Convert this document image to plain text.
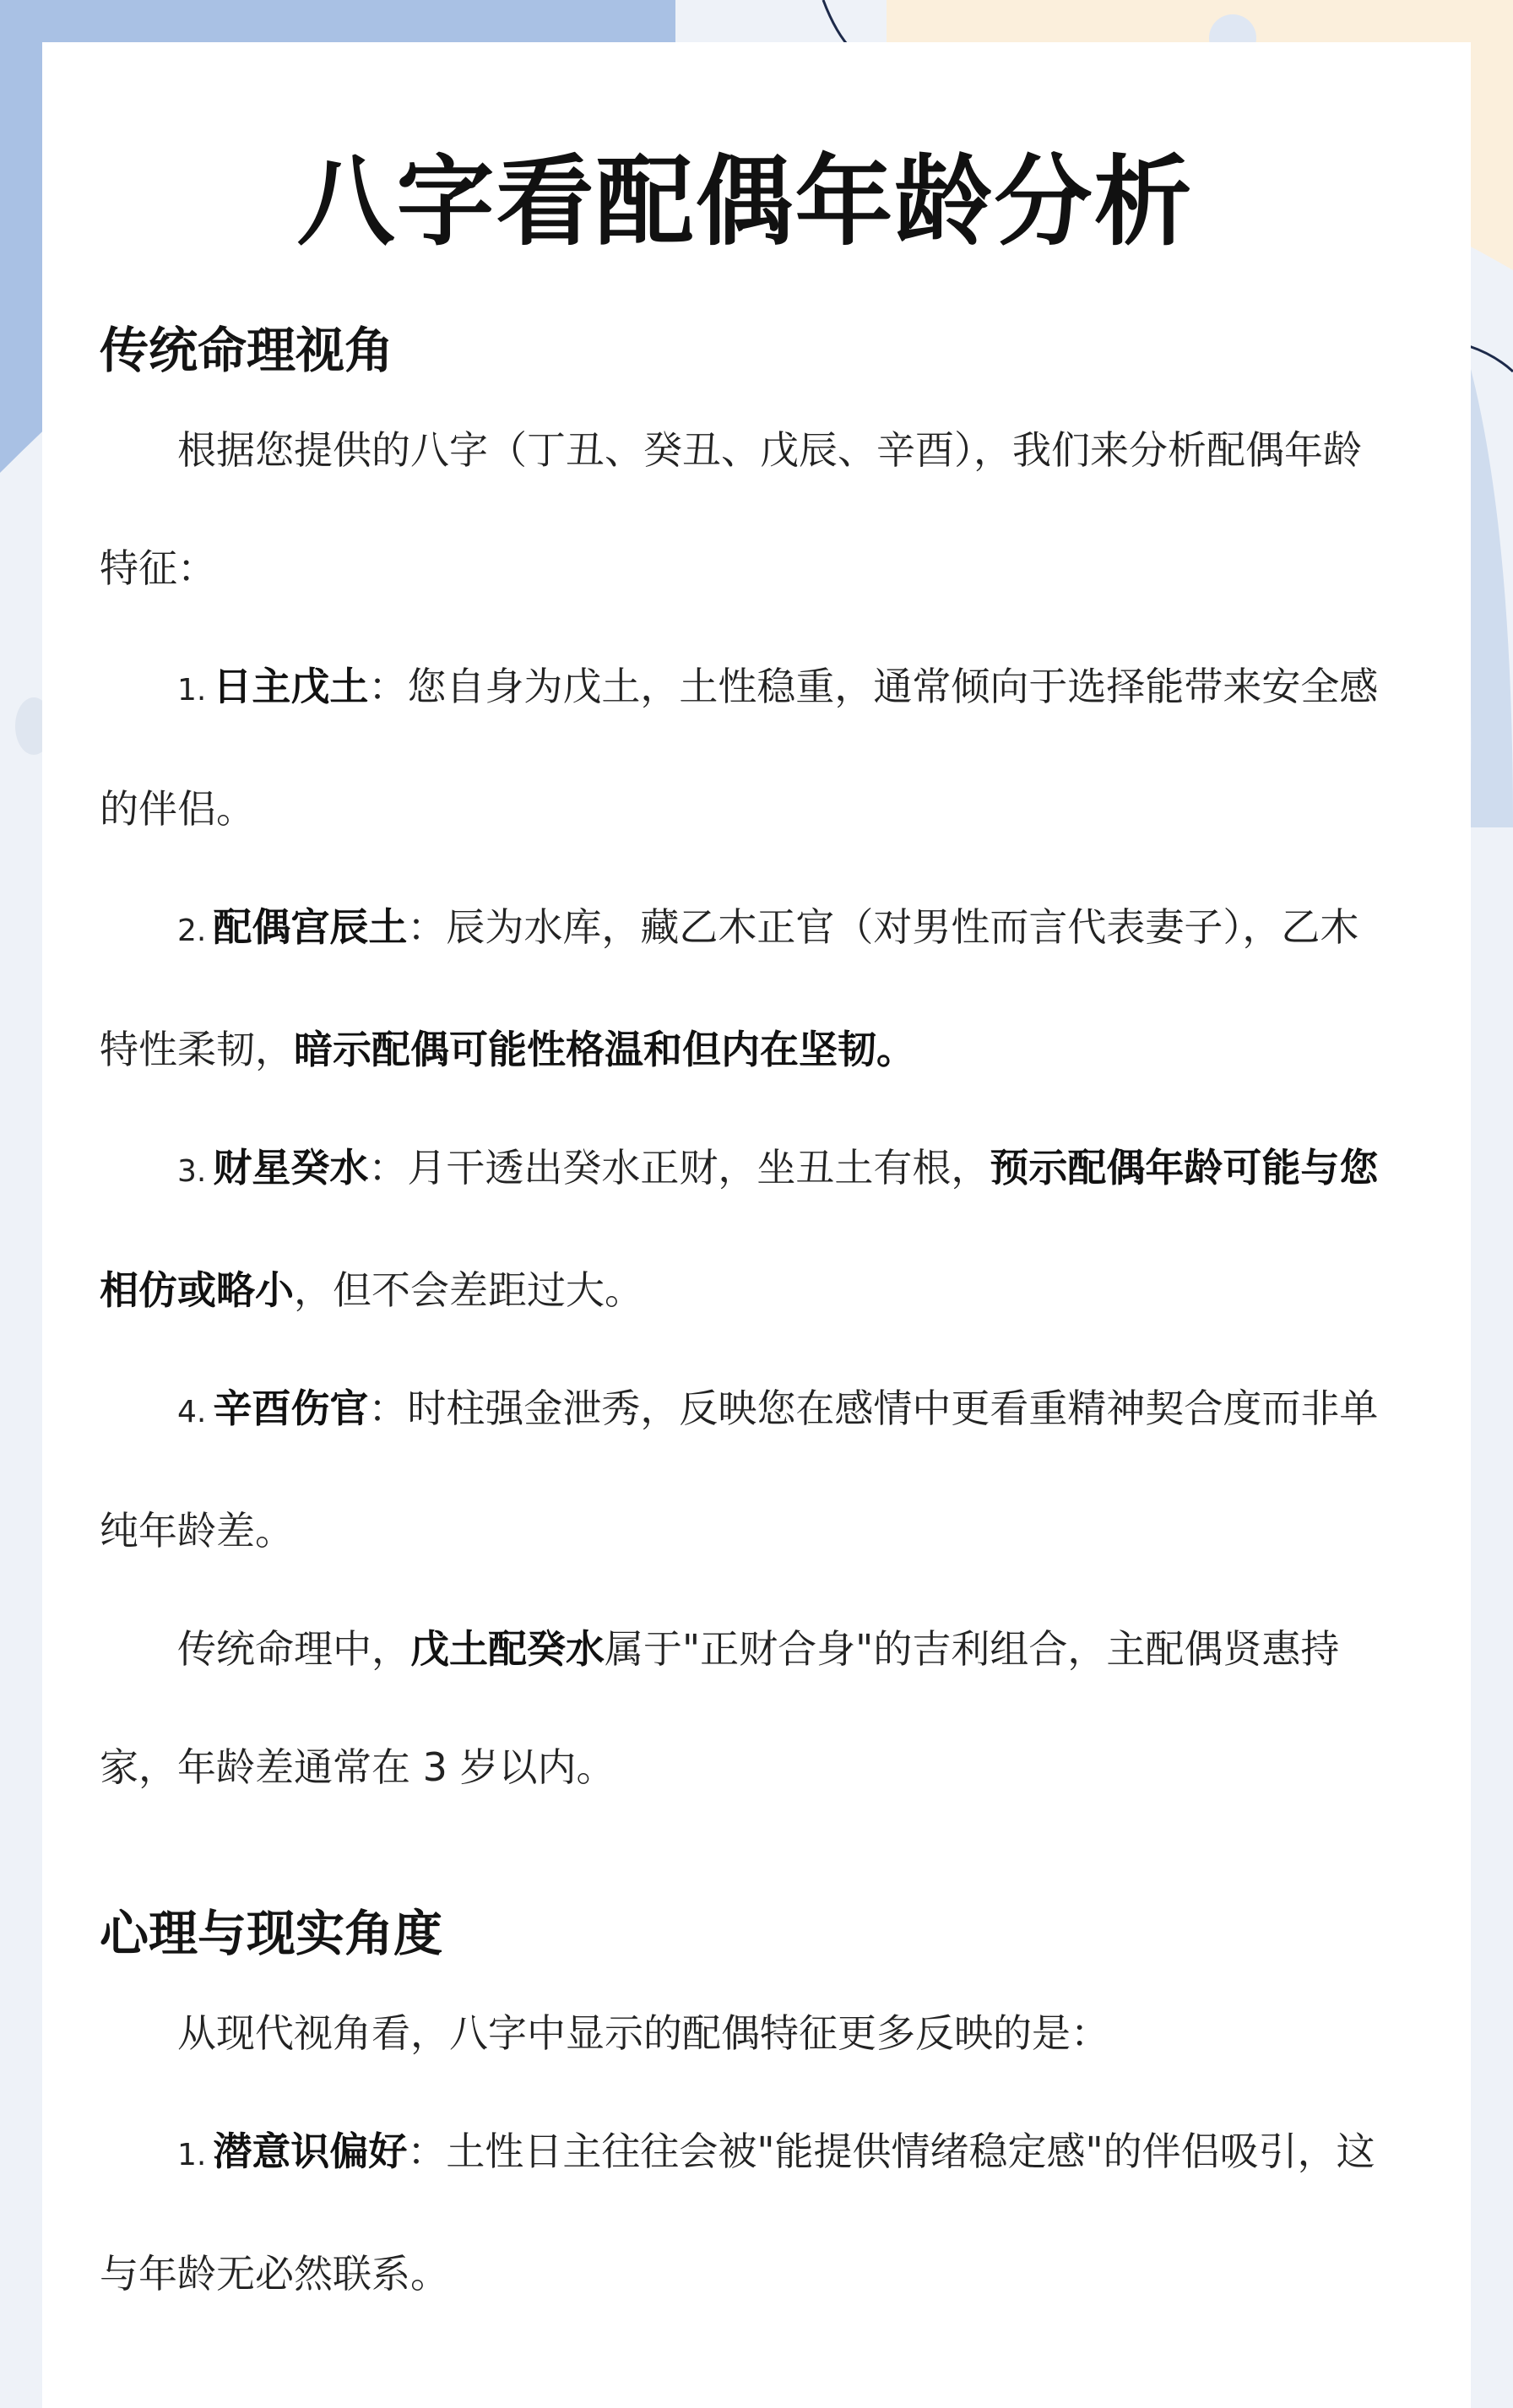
八字看配偶年龄分析
传统命理视角

根据您提供的八字（丁丑、癸丑、戊辰、辛酉），我们来分析配偶年龄特征：

1. 日主戊土：您自身为戊土，土性稳重，通常倾向于选择能带来安全感的伴侣。

2. 配偶宫辰土：辰为水库，藏乙木正官（对男性而言代表妻子），乙木特性柔韧，暗示配偶可能性格温和但内在坚韧。

3. 财星癸水：月干透出癸水正财，坐丑土有根，预示配偶年龄可能与您相仿或略小，但不会差距过大。

4. 辛酉伤官：时柱强金泄秀，反映您在感情中更看重精神契合度而非单纯年龄差。

传统命理中，戊土配癸水属于"正财合身"的吉利组合，主配偶贤惠持家，年龄差通常在 3 岁以内。

心理与现实角度

从现代视角看，八字中显示的配偶特征更多反映的是：

1. 潜意识偏好：土性日主往往会被"能提供情绪稳定感"的伴侣吸引，这与年龄无必然联系。
